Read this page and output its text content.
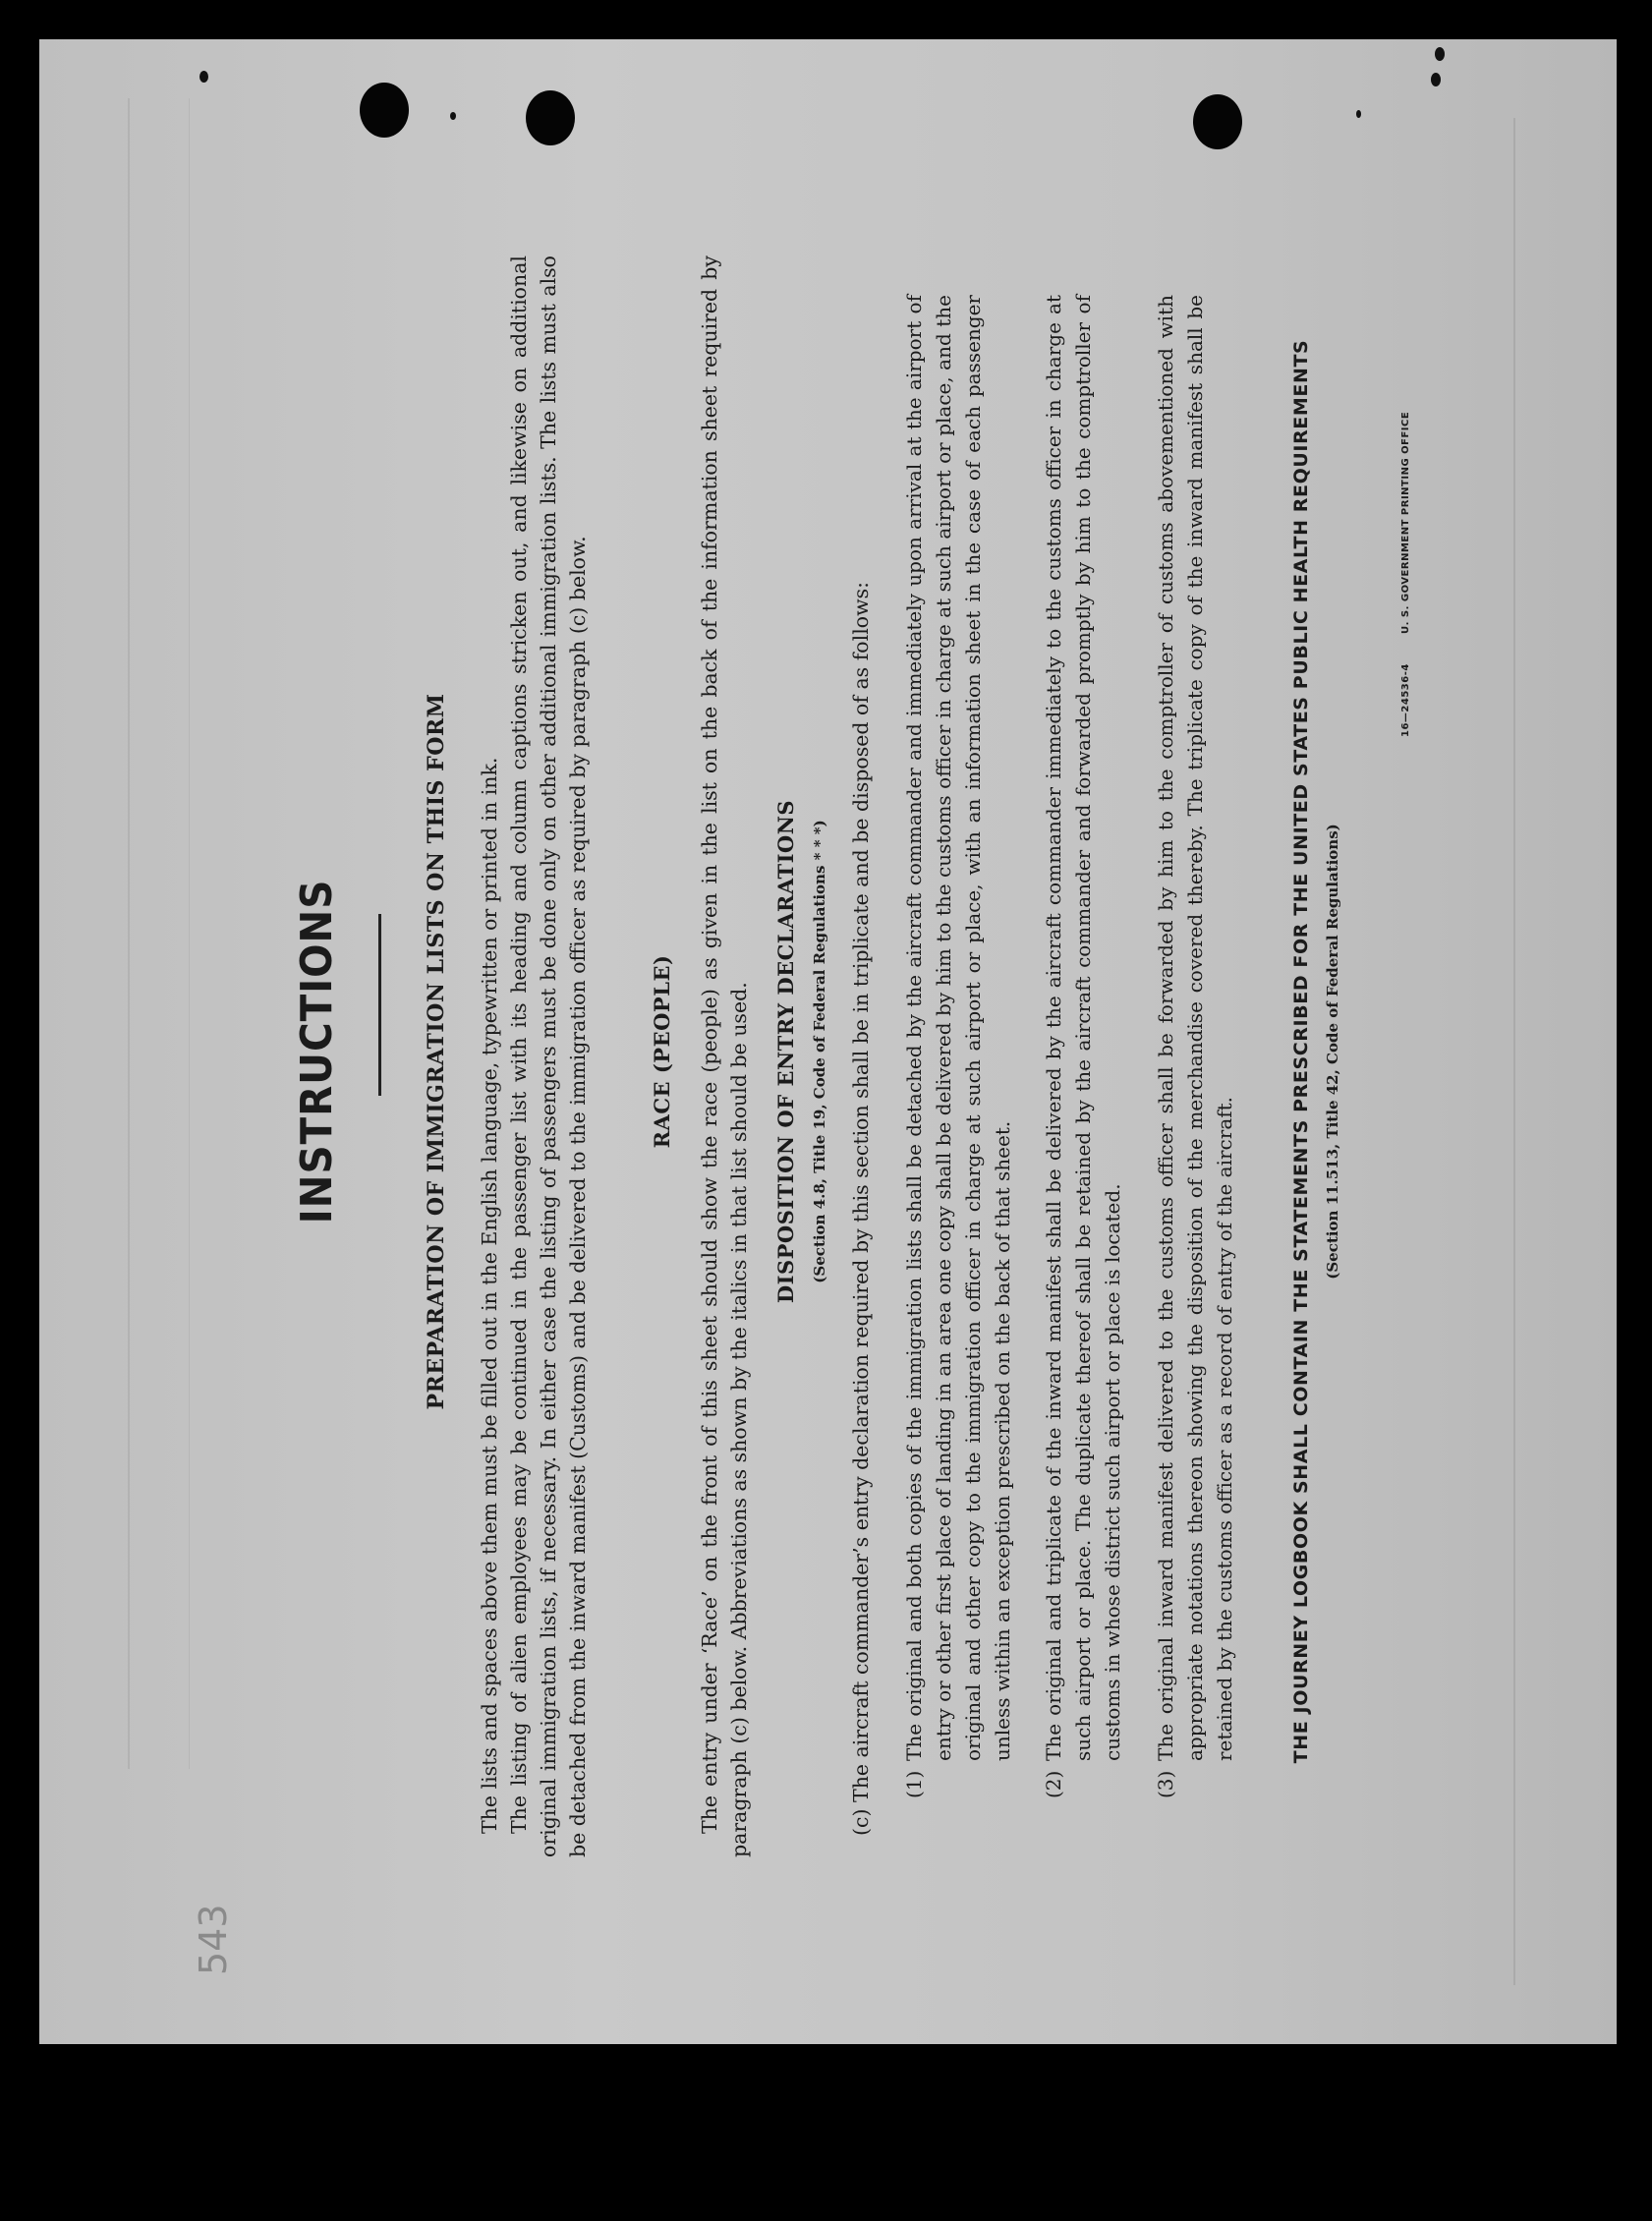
543
INSTRUCTIONS	PREPARATION OF IMMIGRATION LISTS ON THIS FORM The lists and spaces above them must be filled out in the English language, typewritten or printed in ink. The listing of alien employees may be continued in the passenger list with its heading and column captions stricken out, and likewise on additional original immigration lists, if necessary. In either case the listing of passengers must be done only on other additional immigration lists. The lists must also be detached from the inward manifest (Customs) and be delivered to the immigration officer as required by paragraph (c) below.	RACE (PEOPLE) The entry under ‘Race’ on the front of this sheet should show the race (people) as given in the list on the back of the information sheet required by paragraph (c) below. Abbreviations as shown by the italics in that list should be used. DISPOSITION OF ENTRY DECLARATIONS (Section 4.8, Title 19, Code of Federal Regulations * * *)
(c) The aircraft commander’s entry declaration required by this section shall be in triplicate and be disposed of as follows: (1)
The original and both copies of the immigration lists shall be detached by the aircraft commander and immediately upon arrival at the airport of entry or other first place of landing in an area one copy shall be delivered by him to the customs officer in charge at such airport or place, and the original and other copy to the immigration officer in charge at such airport or place, with an information sheet in the case of each passenger unless within an exception prescribed on the back of that sheet.
(2)
The original and triplicate of the inward manifest shall be delivered by the aircraft commander immediately to the customs officer in charge at such airport or place. The duplicate thereof shall be retained by the aircraft commander and forwarded promptly by him to the comptroller of customs in whose district such airport or place is located.
(3)
The original inward manifest delivered to the customs officer shall be forwarded by him to the comptroller of customs abovementioned with appropriate notations thereon showing the disposition of the merchandise covered thereby. The triplicate copy of the inward manifest shall be retained by the customs officer as a record of entry of the aircraft.	THE JOURNEY LOGBOOK SHALL CONTAIN THE STATEMENTS PRESCRIBED FOR THE UNITED STATES PUBLIC HEALTH REQUIREMENTS (Section 11.513, Title 42, Code of Federal Regulations)
16—24536-4
U. S. GOVERNMENT PRINTING OFFICE
